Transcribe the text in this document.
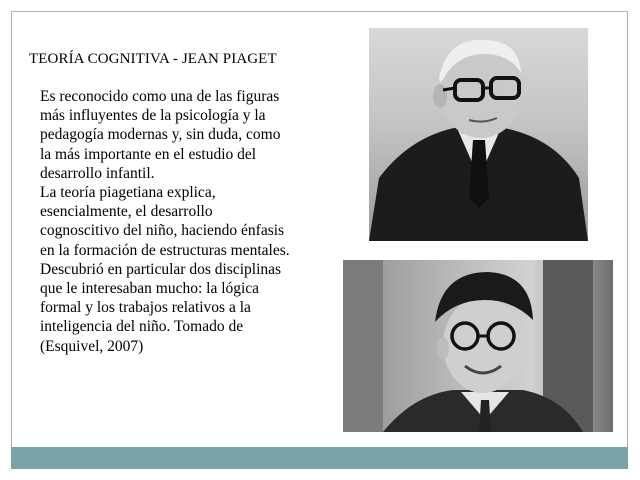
TEORÍA COGNITIVA - JEAN PIAGET

Es reconocido como una de las figuras más influyentes de la psicología y la pedagogía modernas y, sin duda, como la más importante en el estudio del desarrollo infantil.

La teoría piagetiana explica, esencialmente, el desarrollo cognoscitivo del niño, haciendo énfasis en la formación de estructuras mentales.

Descubrió en particular dos disciplinas que le interesaban mucho: la lógica formal y los trabajos relativos a la inteligencia del niño. Tomado de (Esquivel, 2007)
